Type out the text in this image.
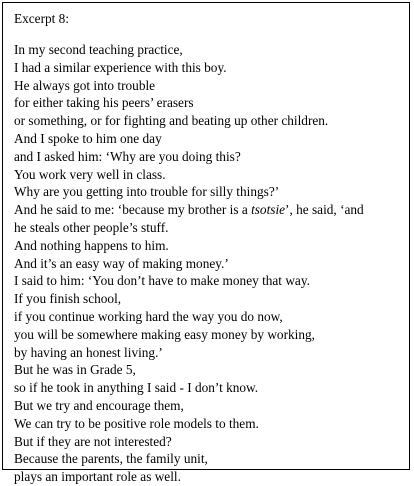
Excerpt 8:

In my second teaching practice,

I had a similar experience with this boy.

He always got into trouble

for either taking his peers’ erasers

or something, or for fighting and beating up other children.

And I spoke to him one day

and I asked him: ‘Why are you doing this?

You work very well in class.

Why are you getting into trouble for silly things?’

And he said to me: ‘because my brother is a tsotsie’, he said, ‘and

he steals other people’s stuff.

And nothing happens to him.

And it’s an easy way of making money.’

I said to him: ‘You don’t have to make money that way.

If you finish school,

if you continue working hard the way you do now,

you will be somewhere making easy money by working,

by having an honest living.’

But he was in Grade 5,

so if he took in anything I said - I don’t know.

But we try and encourage them,

We can try to be positive role models to them.

But if they are not interested?

Because the parents, the family unit,

plays an important role as well.
